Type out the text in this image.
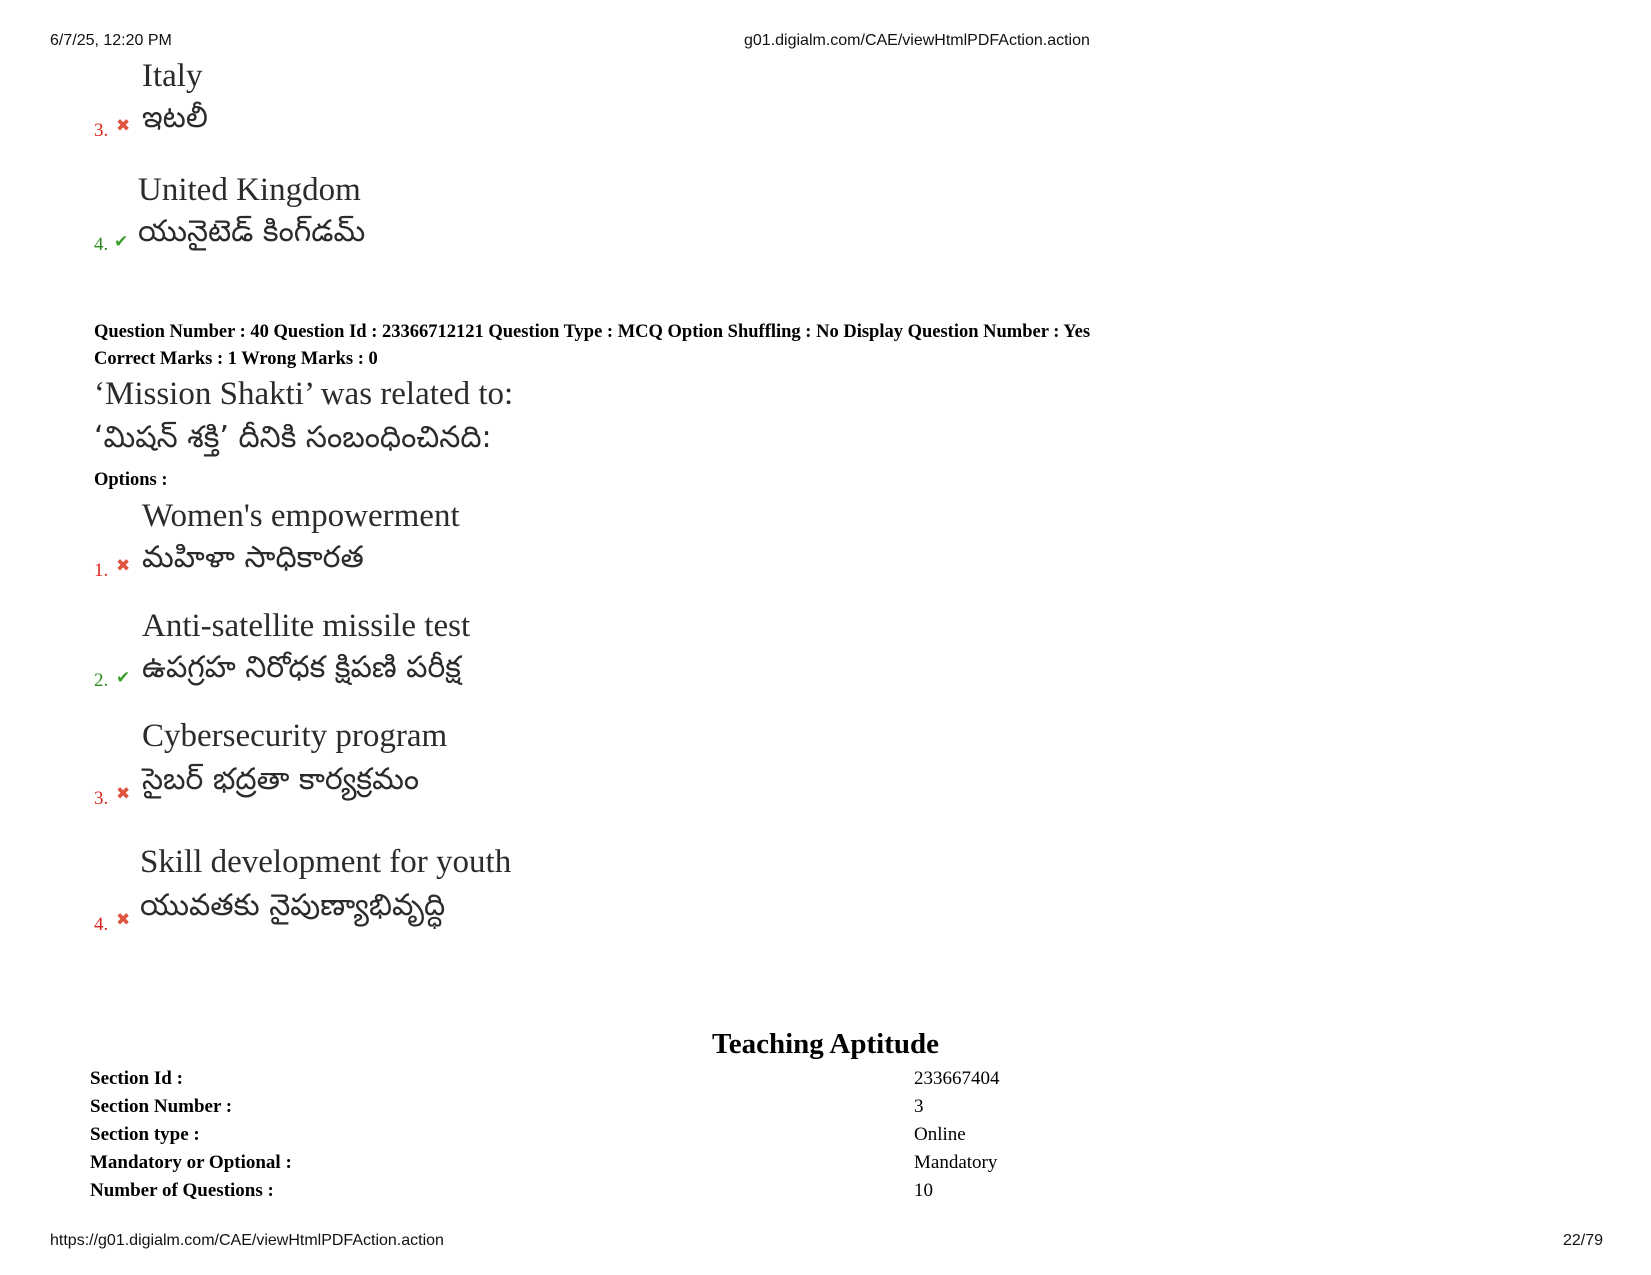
6/7/25, 12:20 PM	g01.digialm.com/CAE/viewHtmlPDFAction.action
Italy
ఇటలీ
3. ✖
United Kingdom
యునైటెడ్ కింగ్‌డమ్
4. ✔
Question Number : 40 Question Id : 23366712121 Question Type : MCQ Option Shuffling : No Display Question Number : Yes
Correct Marks : 1 Wrong Marks : 0
‘Mission Shakti’ was related to:
‘మిషన్ శక్తి’ దీనికి సంబంధించినది:
Options :
Women's empowerment
మహిళా సాధికారత
1. ✖
Anti-satellite missile test
ఉపగ్రహ నిరోధక క్షిపణి పరీక్ష
2. ✔
Cybersecurity program
సైబర్ భద్రతా కార్యక్రమం
3. ✖
Skill development for youth
యువతకు నైపుణ్యాభివృద్ధి
4. ✖
Teaching Aptitude
Section Id :	233667404
Section Number :	3
Section type :	Online
Mandatory or Optional :	Mandatory
Number of Questions :	10
https://g01.digialm.com/CAE/viewHtmlPDFAction.action	22/79
